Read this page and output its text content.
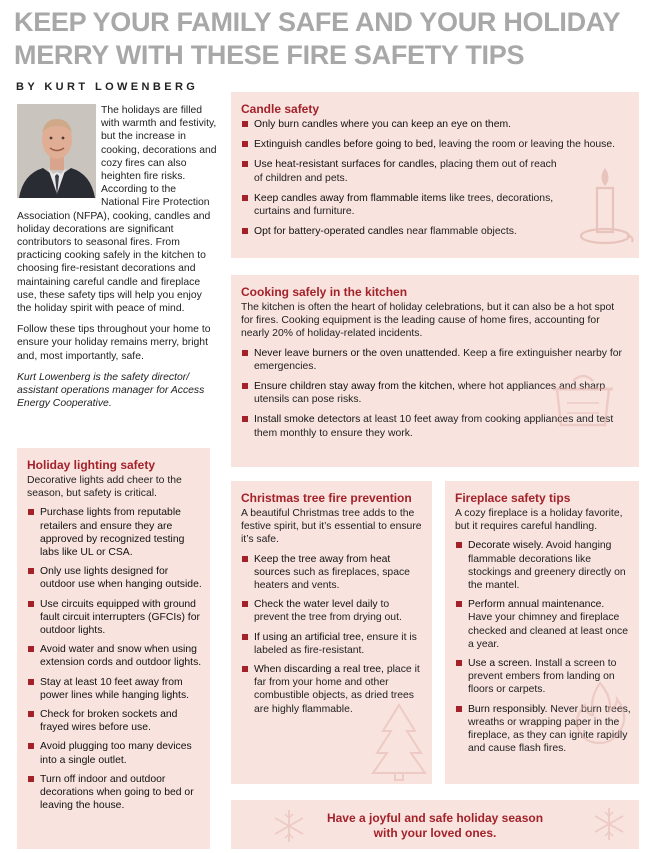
KEEP YOUR FAMILY SAFE AND YOUR HOLIDAY MERRY WITH THESE FIRE SAFETY TIPS
BY KURT LOWENBERG

The holidays are filled with warmth and festivity, but the increase in cooking, decorations and cozy fires can also heighten fire risks. According to the National Fire Protection Association (NFPA), cooking, candles and holiday decorations are significant contributors to seasonal fires. From practicing cooking safely in the kitchen to choosing fire-resistant decorations and maintaining careful candle and fireplace use, these safety tips will help you enjoy the holiday spirit with peace of mind.

Follow these tips throughout your home to ensure your holiday remains merry, bright and, most importantly, safe.

Kurt Lowenberg is the safety director/ assistant operations manager for Access Energy Cooperative.

Candle safety
Only burn candles where you can keep an eye on them.
Extinguish candles before going to bed, leaving the room or leaving the house.
Use heat-resistant surfaces for candles, placing them out of reach of children and pets.
Keep candles away from flammable items like trees, decorations, curtains and furniture.
Opt for battery-operated candles near flammable objects.
Cooking safely in the kitchen

The kitchen is often the heart of holiday celebrations, but it can also be a hot spot for fires. Cooking equipment is the leading cause of home fires, accounting for nearly 20% of holiday-related incidents.

Never leave burners or the oven unattended. Keep a fire extinguisher nearby for emergencies.
Ensure children stay away from the kitchen, where hot appliances and sharp utensils can pose risks.
Install smoke detectors at least 10 feet away from cooking appliances and test them monthly to ensure they work.
Holiday lighting safety

Decorative lights add cheer to the season, but safety is critical.

Purchase lights from reputable retailers and ensure they are approved by recognized testing labs like UL or CSA.
Only use lights designed for outdoor use when hanging outside.
Use circuits equipped with ground fault circuit interrupters (GFCIs) for outdoor lights.
Avoid water and snow when using extension cords and outdoor lights.
Stay at least 10 feet away from power lines while hanging lights.
Check for broken sockets and frayed wires before use.
Avoid plugging too many devices into a single outlet.
Turn off indoor and outdoor decorations when going to bed or leaving the house.
Christmas tree fire prevention

A beautiful Christmas tree adds to the festive spirit, but it’s essential to ensure it’s safe.

Keep the tree away from heat sources such as fireplaces, space heaters and vents.
Check the water level daily to prevent the tree from drying out.
If using an artificial tree, ensure it is labeled as fire-resistant.
When discarding a real tree, place it far from your home and other combustible objects, as dried trees are highly flammable.
Fireplace safety tips

A cozy fireplace is a holiday favorite, but it requires careful handling.

Decorate wisely. Avoid hanging flammable decorations like stockings and greenery directly on the mantel.
Perform annual maintenance. Have your chimney and fireplace checked and cleaned at least once a year.
Use a screen. Install a screen to prevent embers from landing on floors or carpets.
Burn responsibly. Never burn trees, wreaths or wrapping paper in the fireplace, as they can ignite rapidly and cause flash fires.
Have a joyful and safe holiday season
with your loved ones.
